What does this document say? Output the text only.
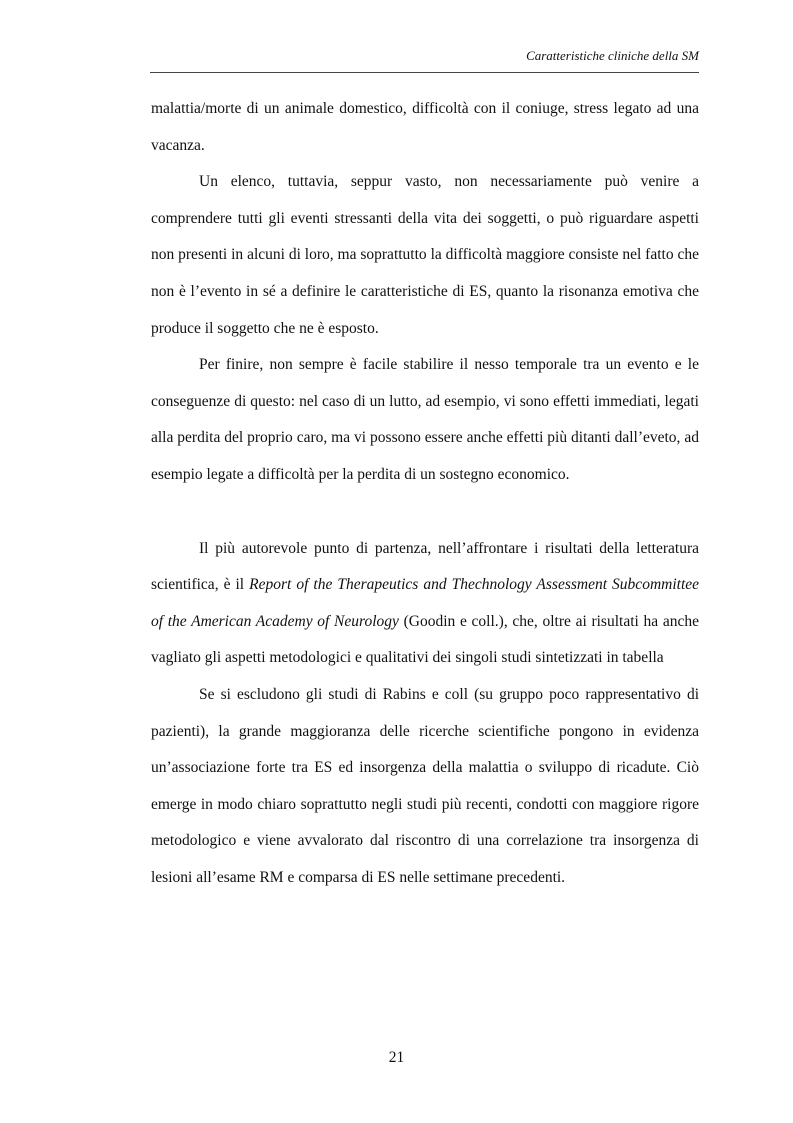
Caratteristiche cliniche della SM

malattia/morte di un animale domestico, difficoltà con il coniuge, stress legato ad una vacanza.

Un elenco, tuttavia, seppur vasto, non necessariamente può venire a comprendere tutti gli eventi stressanti della vita dei soggetti, o può riguardare aspetti non presenti in alcuni di loro, ma soprattutto la difficoltà maggiore consiste nel fatto che non è l’evento in sé a definire le caratteristiche di ES, quanto la risonanza emotiva che produce il soggetto che ne è esposto.

Per finire, non sempre è facile stabilire il nesso temporale tra un evento e le conseguenze di questo: nel caso di un lutto, ad esempio, vi sono effetti immediati, legati alla perdita del proprio caro, ma vi possono essere anche effetti più ditanti dall’eveto, ad esempio legate a difficoltà per la perdita di un sostegno economico.

Il più autorevole punto di partenza, nell’affrontare i risultati della letteratura scientifica, è il Report of the Therapeutics and Thechnology Assessment Subcommittee of the American Academy of Neurology (Goodin e coll.), che, oltre ai risultati ha anche vagliato gli aspetti metodologici e qualitativi dei singoli studi sintetizzati in tabella

Se si escludono gli studi di Rabins e coll (su gruppo poco rappresentativo di pazienti), la grande maggioranza delle ricerche scientifiche pongono in evidenza un’associazione forte tra ES ed insorgenza della malattia o sviluppo di ricadute. Ciò emerge in modo chiaro soprattutto negli studi più recenti, condotti con maggiore rigore metodologico e viene avvalorato dal riscontro di una correlazione tra insorgenza di lesioni all’esame RM e comparsa di ES nelle settimane precedenti.

21
